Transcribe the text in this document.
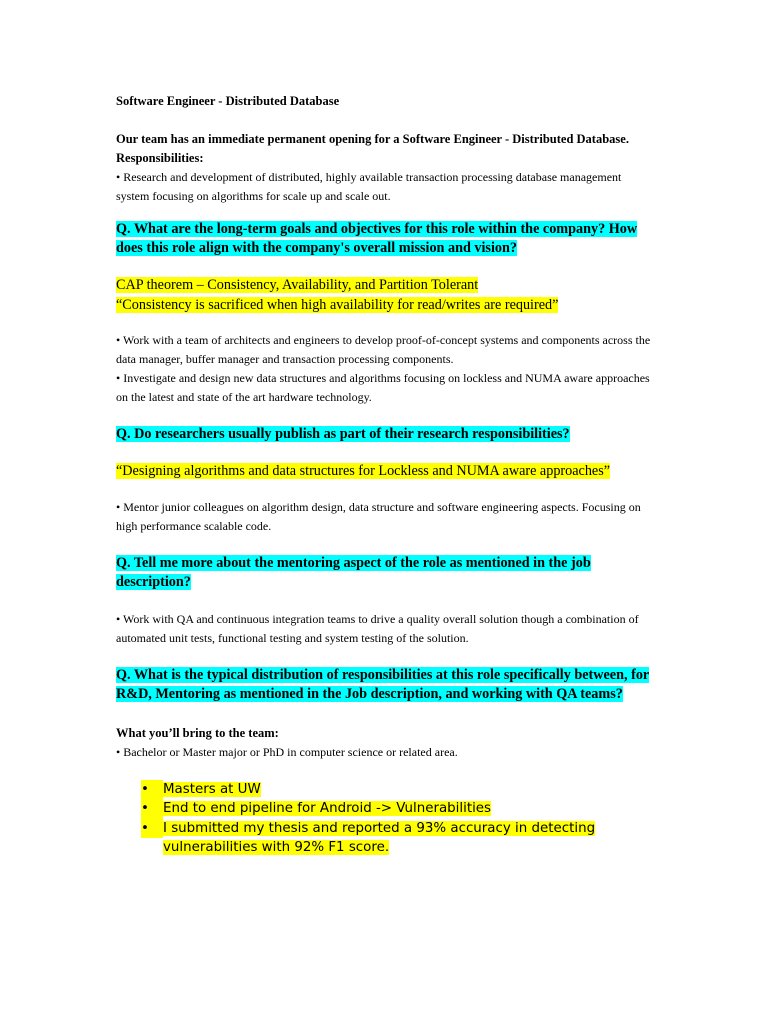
Software Engineer - Distributed Database

Our team has an immediate permanent opening for a Software Engineer - Distributed Database.

Responsibilities:

• Research and development of distributed, highly available transaction processing database management system focusing on algorithms for scale up and scale out.

Q. What are the long-term goals and objectives for this role within the company? How does this role align with the company's overall mission and vision?

CAP theorem – Consistency, Availability, and Partition Tolerant

“Consistency is sacrificed when high availability for read/writes are required”

• Work with a team of architects and engineers to develop proof-of-concept systems and components across the data manager, buffer manager and transaction processing components.

• Investigate and design new data structures and algorithms focusing on lockless and NUMA aware approaches on the latest and state of the art hardware technology.

Q. Do researchers usually publish as part of their research responsibilities?

“Designing algorithms and data structures for Lockless and NUMA aware approaches”

• Mentor junior colleagues on algorithm design, data structure and software engineering aspects. Focusing on high performance scalable code.

Q. Tell me more about the mentoring aspect of the role as mentioned in the job description?

• Work with QA and continuous integration teams to drive a quality overall solution though a combination of automated unit tests, functional testing and system testing of the solution.

Q. What is the typical distribution of responsibilities at this role specifically between, for R&D, Mentoring as mentioned in the Job description, and working with QA teams?

What you’ll bring to the team:

• Bachelor or Master major or PhD in computer science or related area.

•	Masters at UW
•	End to end pipeline for Android -> Vulnerabilities
•	I submitted my thesis and reported a 93% accuracy in detecting vulnerabilities with 92% F1 score.
